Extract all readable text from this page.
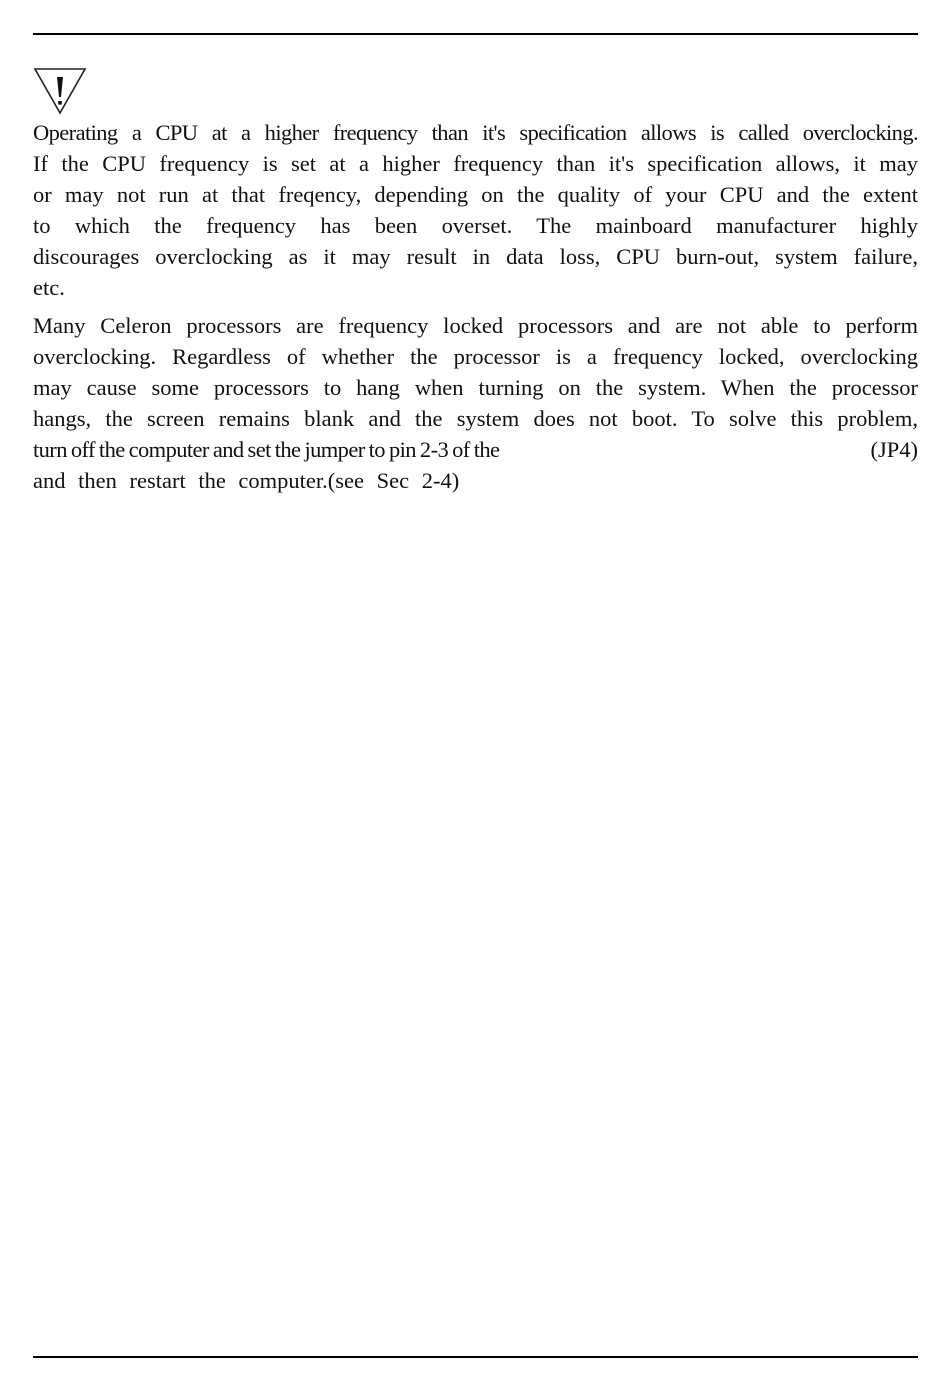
Operating a CPU at a higher frequency than it's specification allows is called overclocking.
If the CPU frequency is set at a higher frequency than it's specification allows, it may
or may not run at that freqency, depending on the quality of your CPU and the extent
to which the frequency has been overset. The mainboard manufacturer highly
discourages overclocking as it may result in data loss, CPU burn-out, system failure,
etc.
Many Celeron processors are frequency locked processors and are not able to perform
overclocking. Regardless of whether the processor is a frequency locked, overclocking
may cause some processors to hang when turning on the system. When the processor
hangs, the screen remains blank and the system does not boot. To solve this problem,
turn off the computer and set the jumper to pin 2-3 of the	(JP4)
and then restart the computer.(see Sec 2-4)
